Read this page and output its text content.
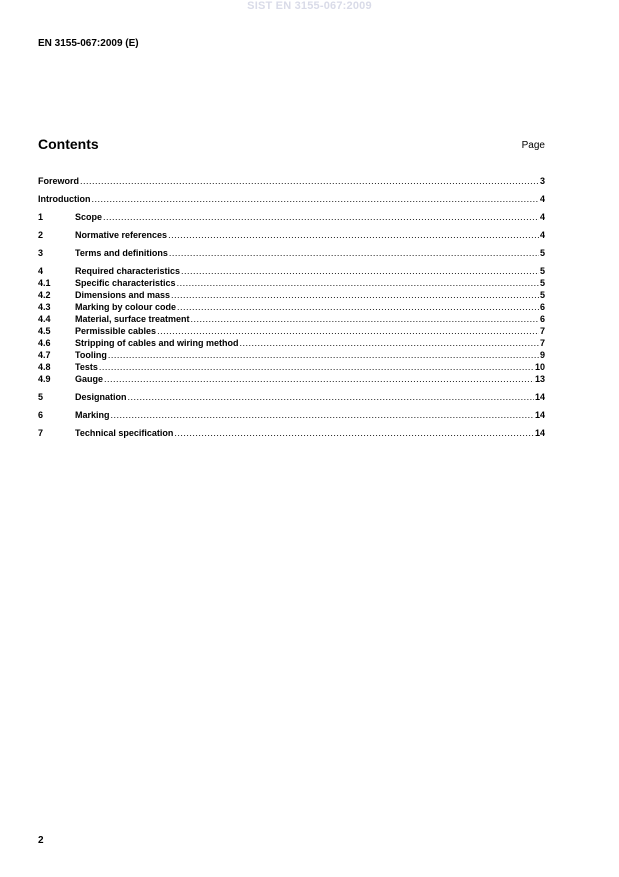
SIST EN 3155-067:2009
EN 3155-067:2009 (E)
Contents	Page
Foreword .....	3
Introduction .....	4
1	Scope .....	4
2	Normative references .....	4
3	Terms and definitions .....	5
4	Required characteristics .....	5
4.1	Specific characteristics .....	5
4.2	Dimensions and mass .....	5
4.3	Marking by colour code .....	6
4.4	Material, surface treatment .....	6
4.5	Permissible cables .....	7
4.6	Stripping of cables and wiring method .....	7
4.7	Tooling .....	9
4.8	Tests .....	10
4.9	Gauge .....	13
5	Designation .....	14
6	Marking .....	14
7	Technical specification .....	14
2
